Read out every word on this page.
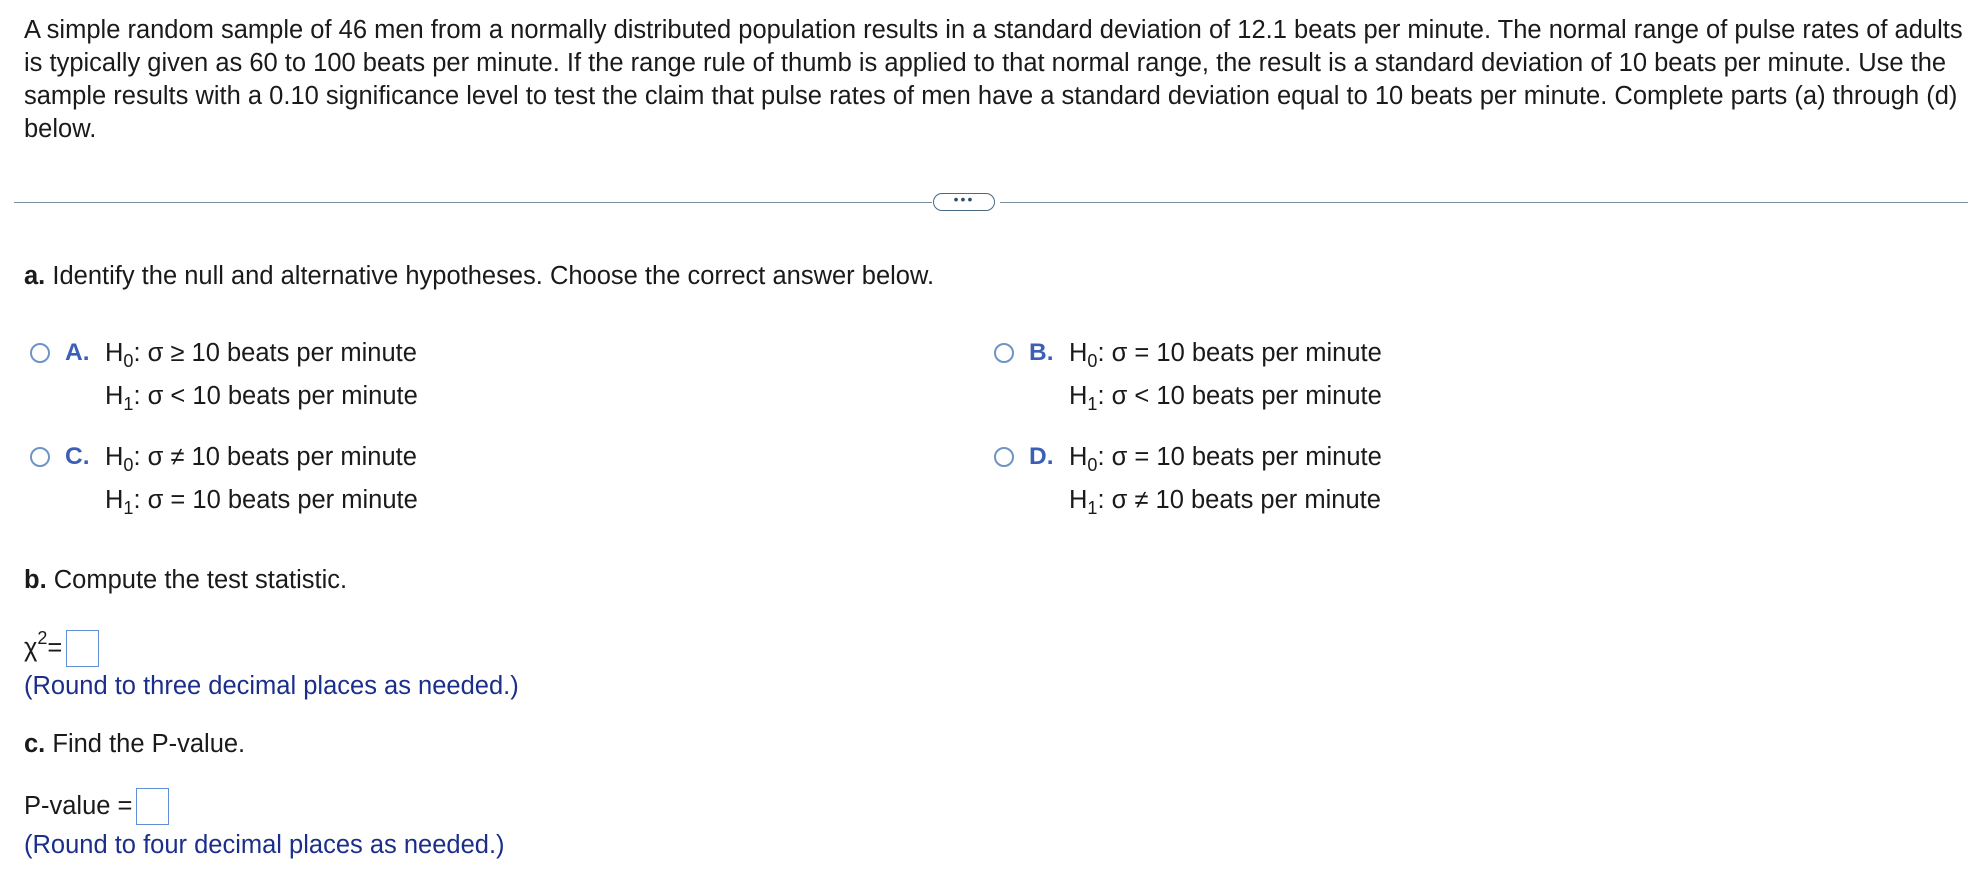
A simple random sample of 46 men from a normally distributed population results in a standard deviation of 12.1 beats per minute. The normal range of pulse rates of adults is typically given as 60 to 100 beats per minute. If the range rule of thumb is applied to that normal range, the result is a standard deviation of 10 beats per minute. Use the sample results with a 0.10 significance level to test the claim that pulse rates of men have a standard deviation equal to 10 beats per minute. Complete parts (a) through (d) below.
•••
a. Identify the null and alternative hypotheses. Choose the correct answer below.
A. $H_0$: σ ≥ 10 beats per minute
$H_1$: σ < 10 beats per minute
B. $H_0$: σ = 10 beats per minute
$H_1$: σ < 10 beats per minute
C. $H_0$: σ ≠ 10 beats per minute
$H_1$: σ = 10 beats per minute
D. $H_0$: σ = 10 beats per minute
$H_1$: σ ≠ 10 beats per minute
b. Compute the test statistic.
$\chi^2$ =
(Round to three decimal places as needed.)
c. Find the P-value.
P-value =
(Round to four decimal places as needed.)
